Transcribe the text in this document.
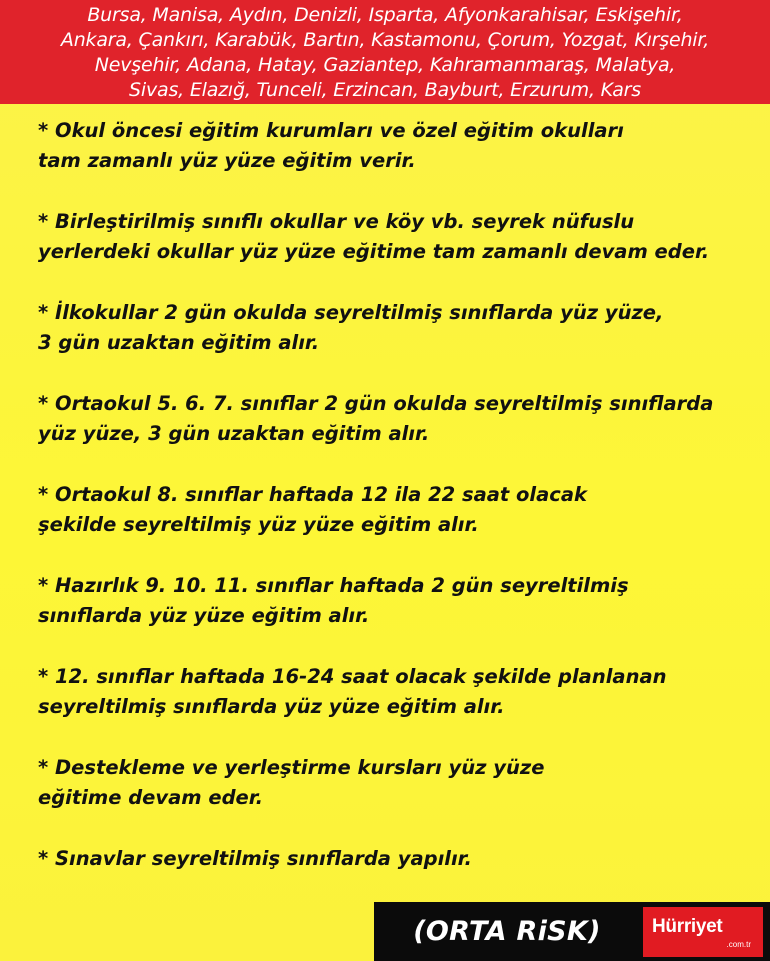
Bursa, Manisa, Aydın, Denizli, Isparta, Afyonkarahisar, Eskişehir,
Ankara, Çankırı, Karabük, Bartın, Kastamonu, Çorum, Yozgat, Kırşehir,
Nevşehir, Adana, Hatay, Gaziantep, Kahramanmaraş, Malatya,
Sivas, Elazığ, Tunceli, Erzincan, Bayburt, Erzurum, Kars
* Okul öncesi eğitim kurumları ve özel eğitim okulları
tam zamanlı yüz yüze eğitim verir.
* Birleştirilmiş sınıflı okullar ve köy vb. seyrek nüfuslu
yerlerdeki okullar yüz yüze eğitime tam zamanlı devam eder.
* İlkokullar 2 gün okulda seyreltilmiş sınıflarda yüz yüze,
3 gün uzaktan eğitim alır.
* Ortaokul 5. 6. 7. sınıflar 2 gün okulda seyreltilmiş sınıflarda
yüz yüze, 3 gün uzaktan eğitim alır.
* Ortaokul 8. sınıflar haftada 12 ila 22 saat olacak
şekilde seyreltilmiş yüz yüze eğitim alır.
* Hazırlık 9. 10. 11. sınıflar haftada 2 gün seyreltilmiş
sınıflarda yüz yüze eğitim alır.
* 12. sınıflar haftada 16-24 saat olacak şekilde planlanan
seyreltilmiş sınıflarda yüz yüze eğitim alır.
* Destekleme ve yerleştirme kursları yüz yüze
eğitime devam eder.
* Sınavlar seyreltilmiş sınıflarda yapılır.
(ORTA RiSK)	Hürriyet
.com.tr
